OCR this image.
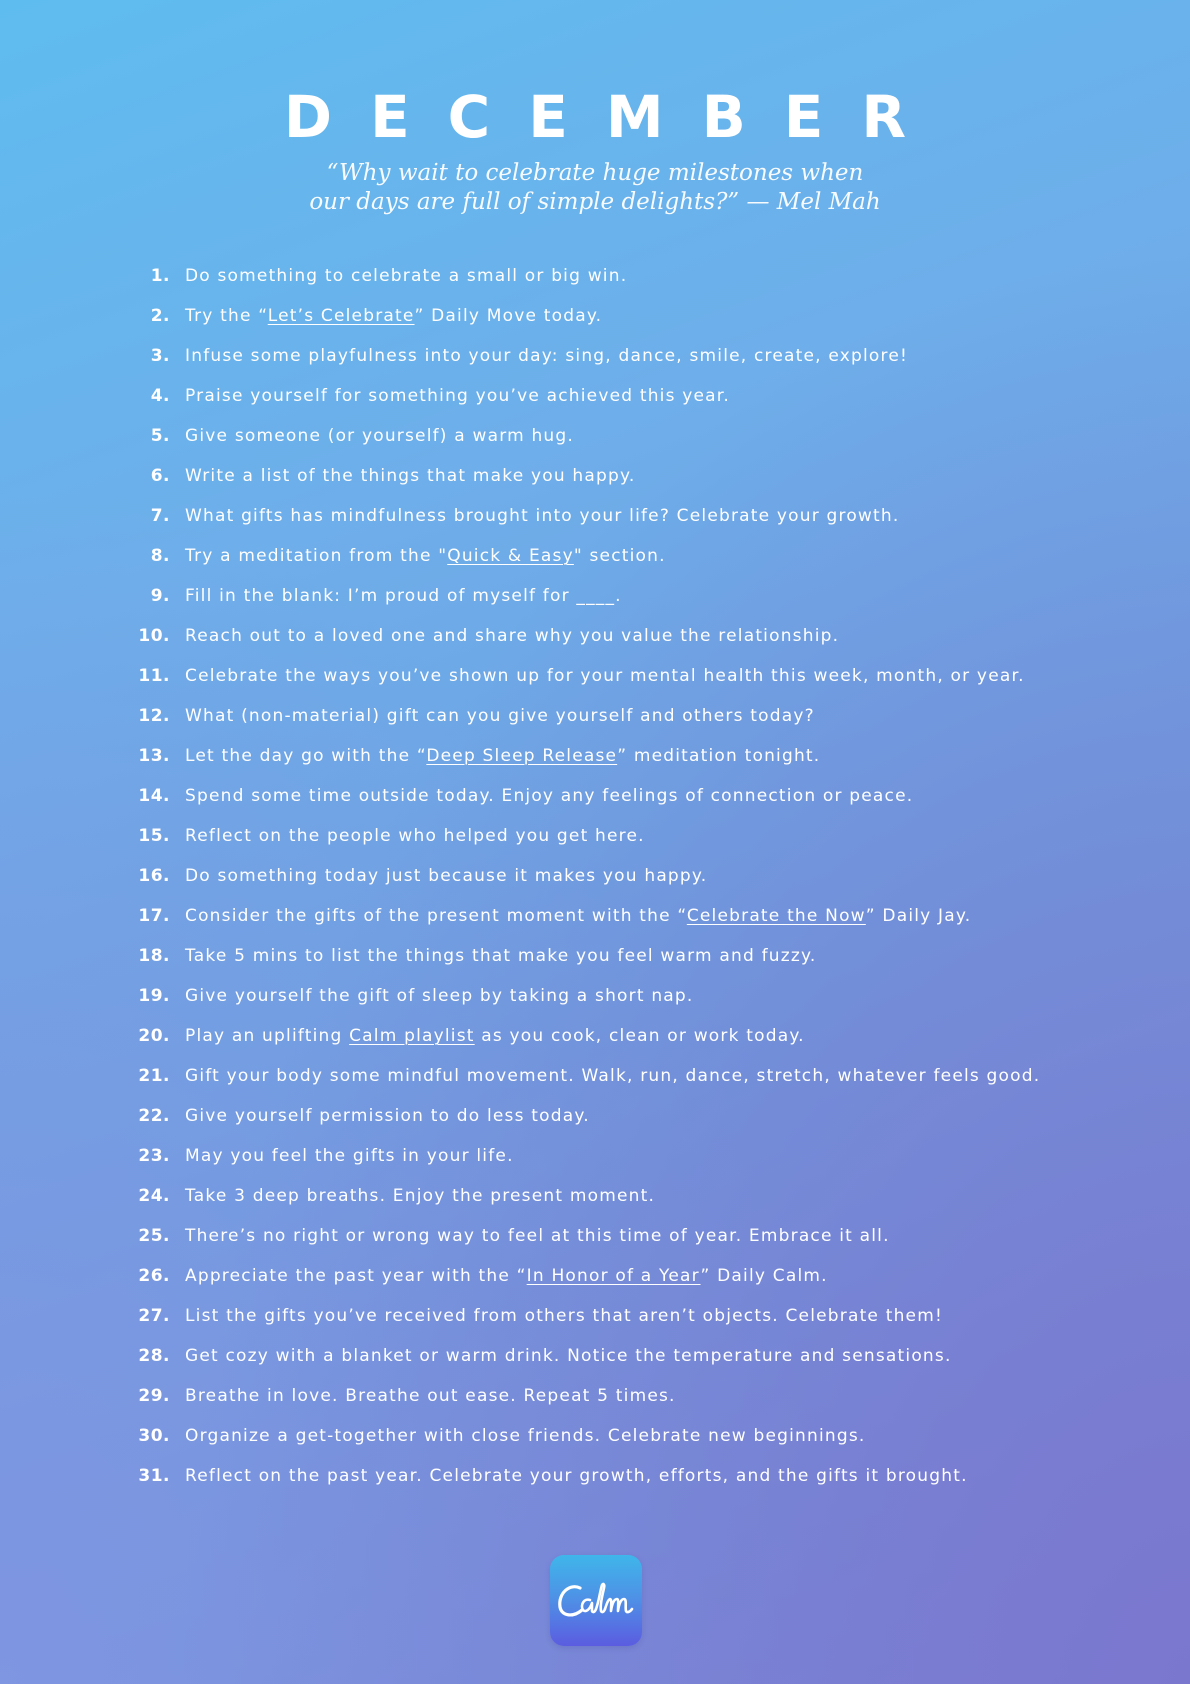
DECEMBER
“Why wait to celebrate huge milestones when
our days are full of simple delights?” — Mel Mah
1. Do something to celebrate a small or big win.
2. Try the “Let’s Celebrate” Daily Move today.
3. Infuse some playfulness into your day: sing, dance, smile, create, explore!
4. Praise yourself for something you’ve achieved this year.
5. Give someone (or yourself) a warm hug.
6. Write a list of the things that make you happy.
7. What gifts has mindfulness brought into your life? Celebrate your growth.
8. Try a meditation from the "Quick & Easy" section.
9. Fill in the blank: I’m proud of myself for ____.
10. Reach out to a loved one and share why you value the relationship.
11. Celebrate the ways you’ve shown up for your mental health this week, month, or year.
12. What (non-material) gift can you give yourself and others today?
13. Let the day go with the “Deep Sleep Release” meditation tonight.
14. Spend some time outside today. Enjoy any feelings of connection or peace.
15. Reflect on the people who helped you get here.
16. Do something today just because it makes you happy.
17. Consider the gifts of the present moment with the “Celebrate the Now” Daily Jay.
18. Take 5 mins to list the things that make you feel warm and fuzzy.
19. Give yourself the gift of sleep by taking a short nap.
20. Play an uplifting Calm playlist as you cook, clean or work today.
21. Gift your body some mindful movement. Walk, run, dance, stretch, whatever feels good.
22. Give yourself permission to do less today.
23. May you feel the gifts in your life.
24. Take 3 deep breaths. Enjoy the present moment.
25. There’s no right or wrong way to feel at this time of year. Embrace it all.
26. Appreciate the past year with the “In Honor of a Year” Daily Calm.
27. List the gifts you’ve received from others that aren’t objects. Celebrate them!
28. Get cozy with a blanket or warm drink. Notice the temperature and sensations.
29. Breathe in love. Breathe out ease. Repeat 5 times.
30. Organize a get-together with close friends. Celebrate new beginnings.
31. Reflect on the past year. Celebrate your growth, efforts, and the gifts it brought.
